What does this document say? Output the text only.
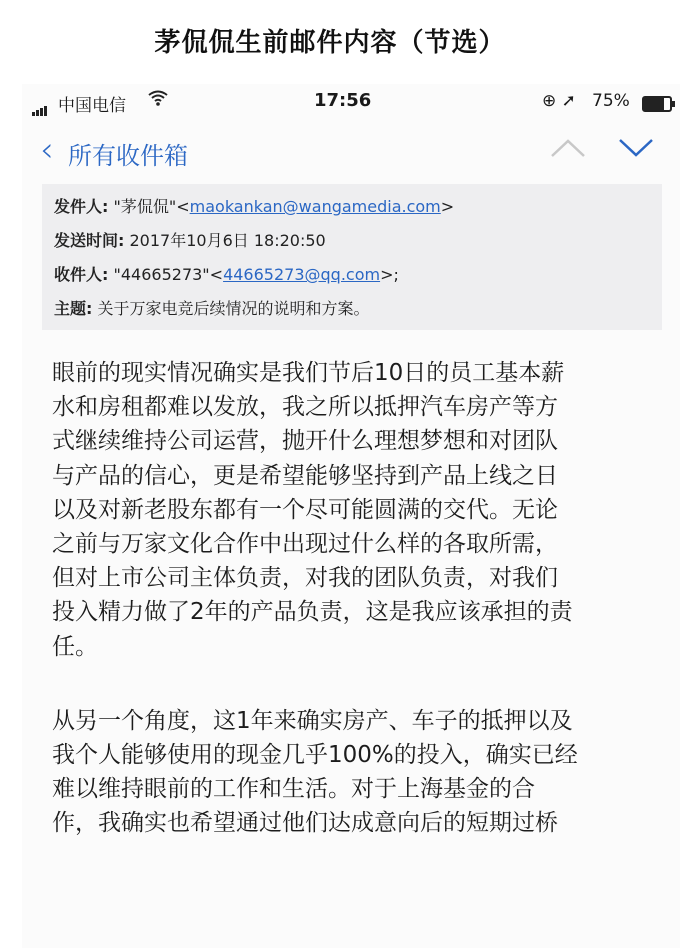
茅侃侃生前邮件内容（节选）
中国电信	17:56	⊕ ➚ 75%
‹ 所有收件箱
发件人: "茅侃侃"<maokankan@wangamedia.com>
发送时间: 2017年10月6日 18:20:50
收件人: "44665273"<44665273@qq.com>;
主题: 关于万家电竞后续情况的说明和方案。
眼前的现实情况确实是我们节后10日的员工基本薪
水和房租都难以发放，我之所以抵押汽车房产等方
式继续维持公司运营，抛开什么理想梦想和对团队
与产品的信心，更是希望能够坚持到产品上线之日
以及对新老股东都有一个尽可能圆满的交代。无论
之前与万家文化合作中出现过什么样的各取所需，
但对上市公司主体负责，对我的团队负责，对我们
投入精力做了2年的产品负责，这是我应该承担的责
任。
从另一个角度，这1年来确实房产、车子的抵押以及
我个人能够使用的现金几乎100%的投入，确实已经
难以维持眼前的工作和生活。对于上海基金的合
作，我确实也希望通过他们达成意向后的短期过桥
